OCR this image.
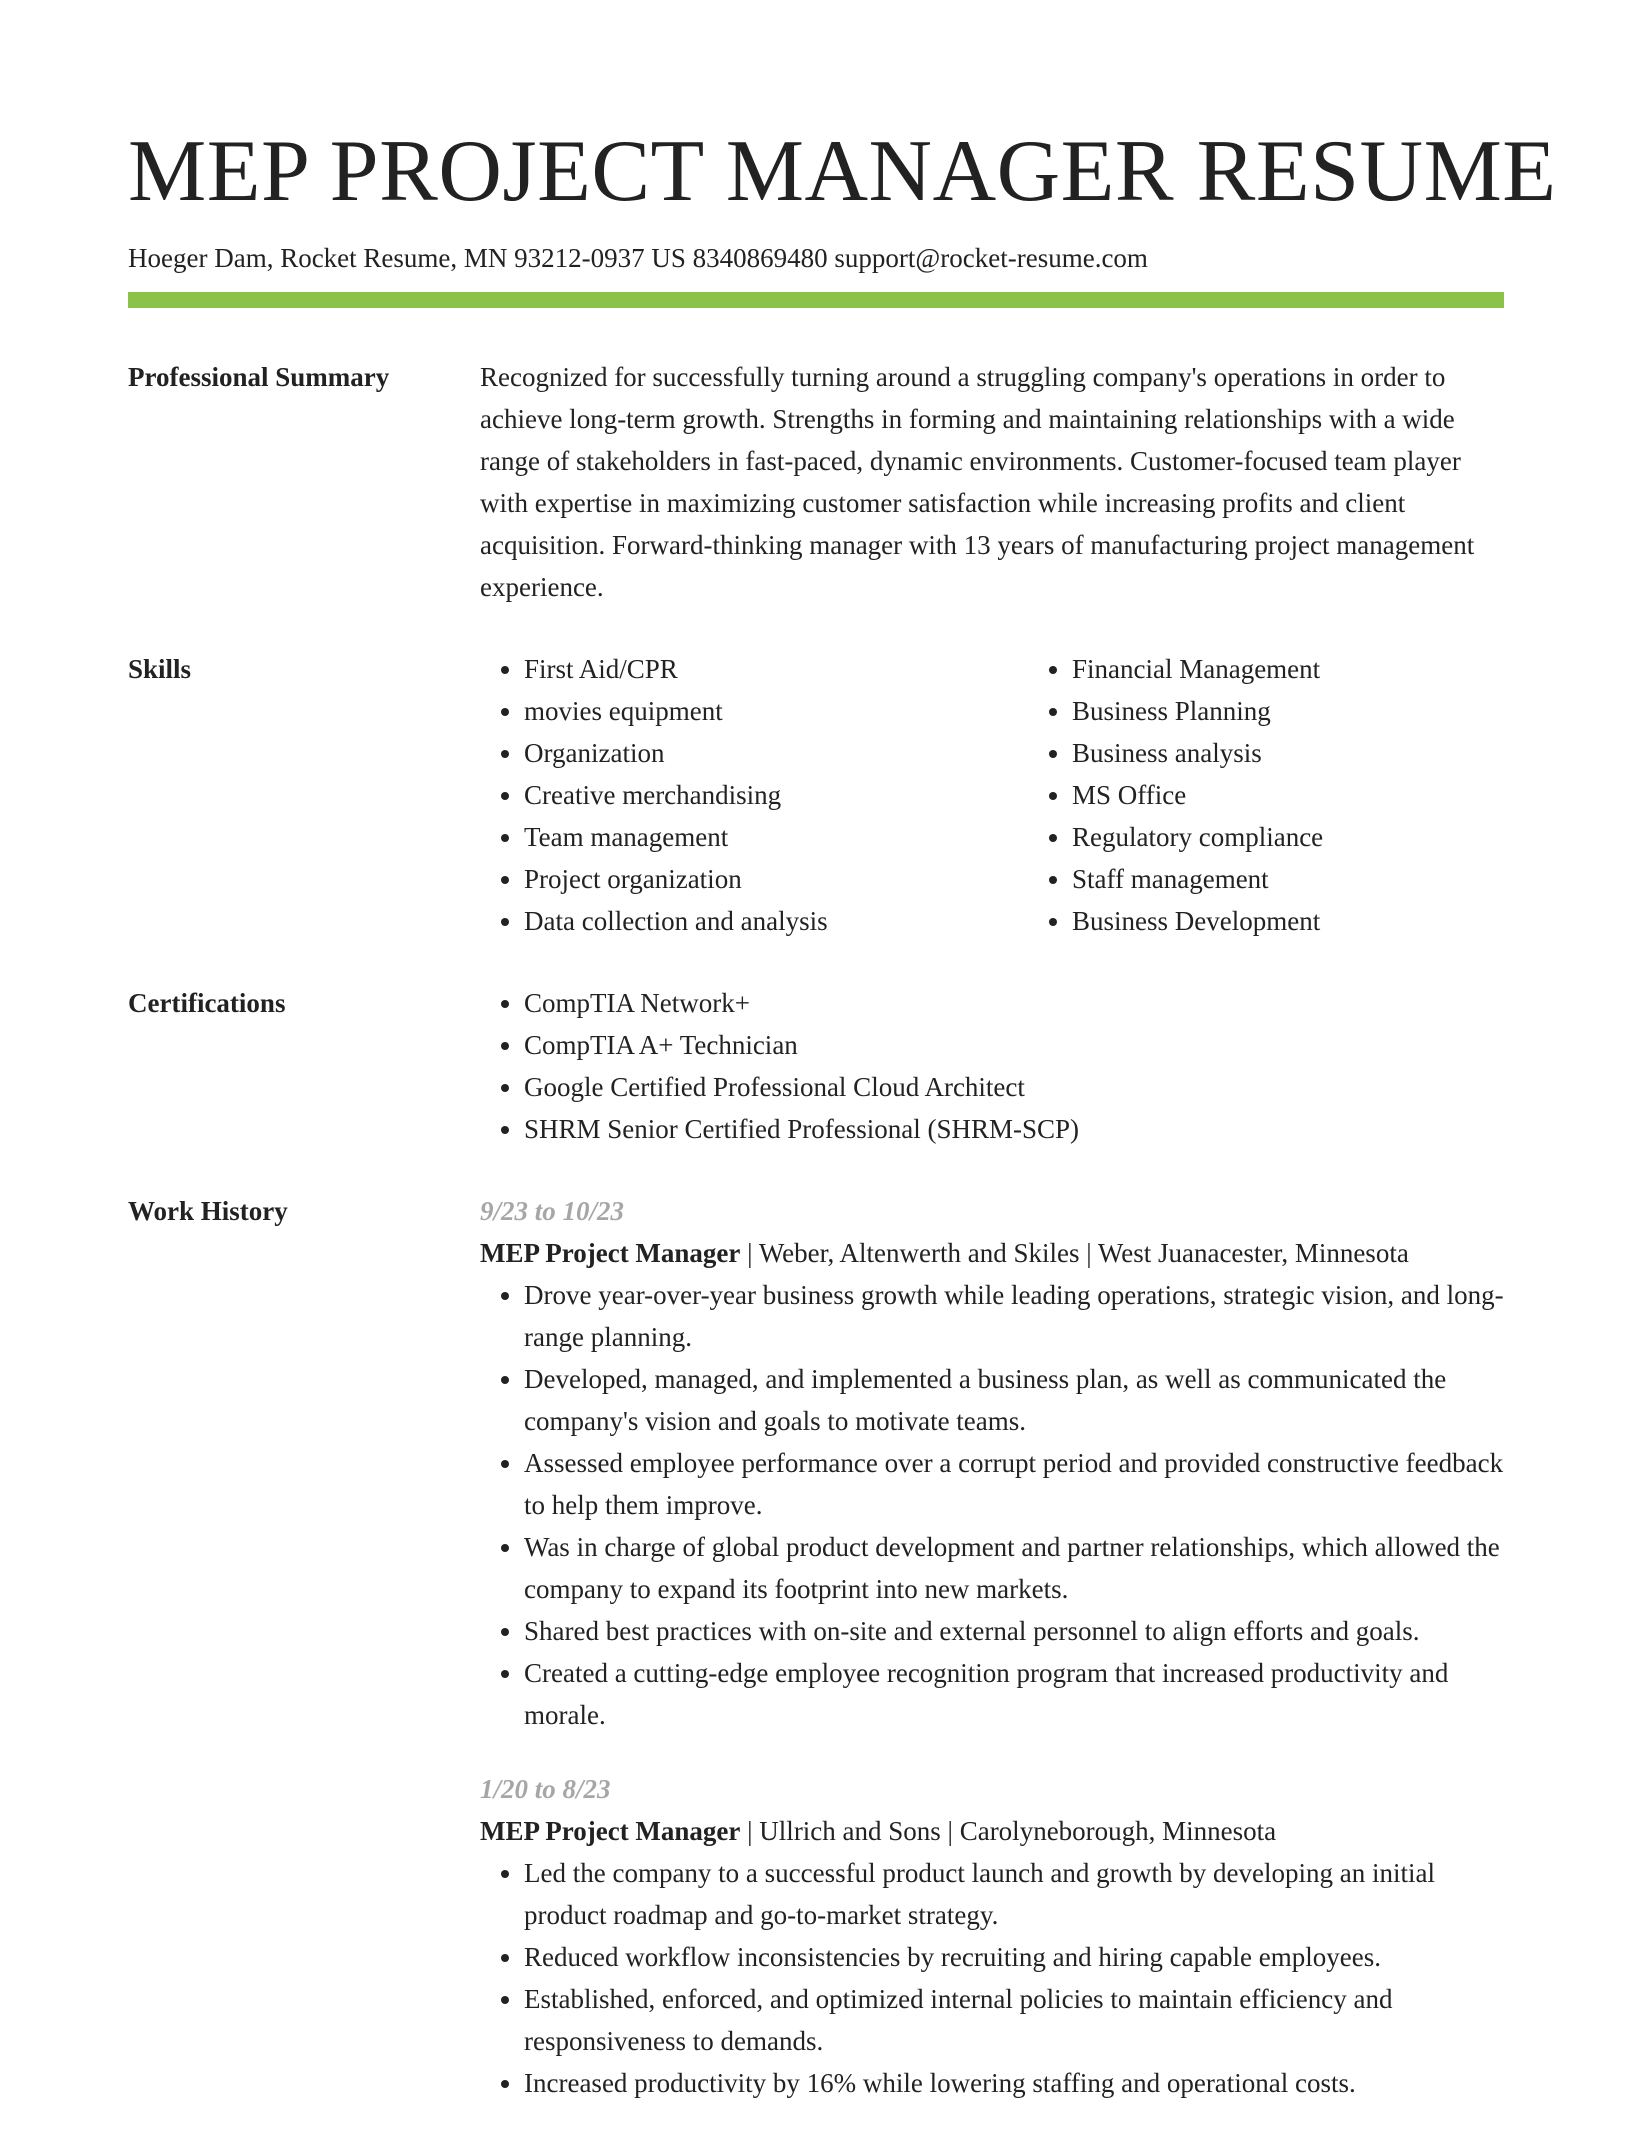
MEP PROJECT MANAGER RESUME
Hoeger Dam, Rocket Resume, MN 93212-0937 US 8340869480 support@rocket-resume.com
Professional Summary	Recognized for successfully turning around a struggling company's operations in order to achieve long-term growth. Strengths in forming and maintaining relationships with a wide range of stakeholders in fast-paced, dynamic environments. Customer-focused team player with expertise in maximizing customer satisfaction while increasing profits and client acquisition. Forward-thinking manager with 13 years of manufacturing project management experience.

Skills	• First Aid/CPR
• movies equipment
• Organization
• Creative merchandising
• Team management
• Project organization
• Data collection and analysis
• Financial Management
• Business Planning
• Business analysis
• MS Office
• Regulatory compliance
• Staff management
• Business Development
Certifications	• CompTIA Network+
• CompTIA A+ Technician
• Google Certified Professional Cloud Architect
• SHRM Senior Certified Professional (SHRM-SCP)
Work History	9/23 to 10/23
MEP Project Manager | Weber, Altenwerth and Skiles | West Juanacester, Minnesota
• Drove year-over-year business growth while leading operations, strategic vision, and long-range planning.
• Developed, managed, and implemented a business plan, as well as communicated the company's vision and goals to motivate teams.
• Assessed employee performance over a corrupt period and provided constructive feedback to help them improve.
• Was in charge of global product development and partner relationships, which allowed the company to expand its footprint into new markets.
• Shared best practices with on-site and external personnel to align efforts and goals.
• Created a cutting-edge employee recognition program that increased productivity and morale.
1/20 to 8/23
MEP Project Manager | Ullrich and Sons | Carolyneborough, Minnesota
• Led the company to a successful product launch and growth by developing an initial product roadmap and go-to-market strategy.
• Reduced workflow inconsistencies by recruiting and hiring capable employees.
• Established, enforced, and optimized internal policies to maintain efficiency and responsiveness to demands.
• Increased productivity by 16% while lowering staffing and operational costs.
